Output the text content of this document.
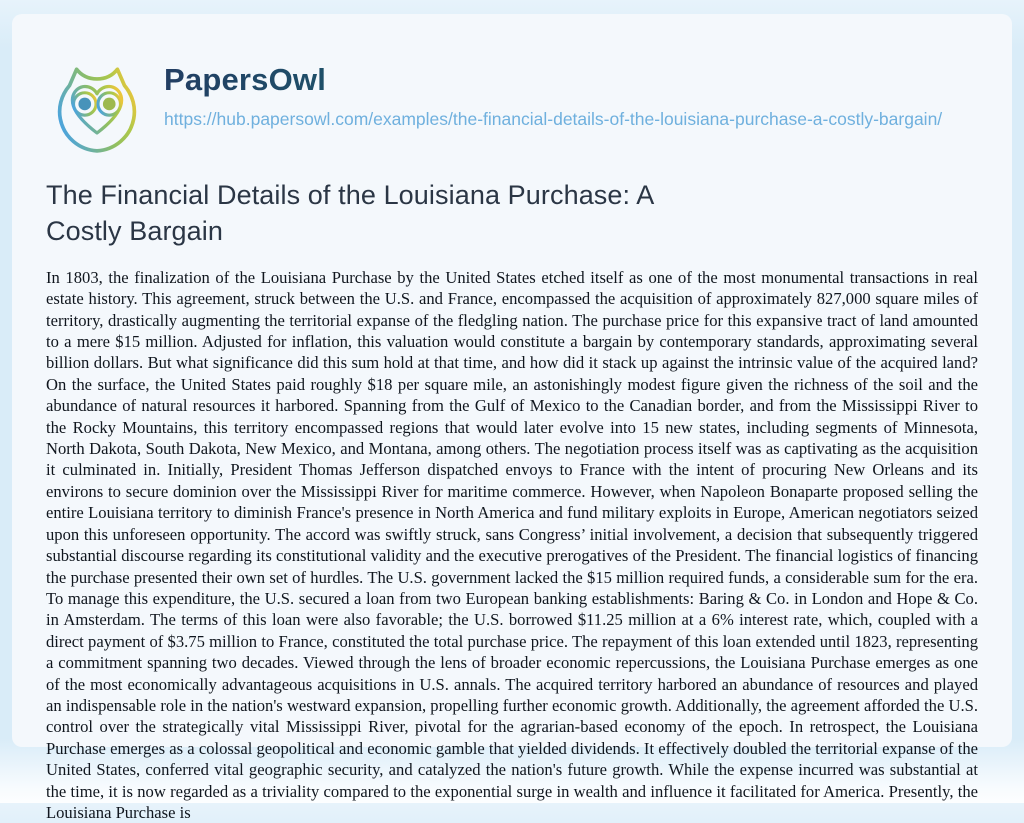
PapersOwl
https://hub.papersowl.com/examples/the-financial-details-of-the-louisiana-purchase-a-costly-bargain/
The Financial Details of the Louisiana Purchase: A Costly Bargain

In 1803, the finalization of the Louisiana Purchase by the United States etched itself as one of the most monumental transactions in real estate history. This agreement, struck between the U.S. and France, encompassed the acquisition of approximately 827,000 square miles of territory, drastically augmenting the territorial expanse of the fledgling nation. The purchase price for this expansive tract of land amounted to a mere $15 million. Adjusted for inflation, this valuation would constitute a bargain by contemporary standards, approximating several billion dollars. But what significance did this sum hold at that time, and how did it stack up against the intrinsic value of the acquired land? On the surface, the United States paid roughly $18 per square mile, an astonishingly modest figure given the richness of the soil and the abundance of natural resources it harbored. Spanning from the Gulf of Mexico to the Canadian border, and from the Mississippi River to the Rocky Mountains, this territory encompassed regions that would later evolve into 15 new states, including segments of Minnesota, North Dakota, South Dakota, New Mexico, and Montana, among others. The negotiation process itself was as captivating as the acquisition it culminated in. Initially, President Thomas Jefferson dispatched envoys to France with the intent of procuring New Orleans and its environs to secure dominion over the Mississippi River for maritime commerce. However, when Napoleon Bonaparte proposed selling the entire Louisiana territory to diminish France's presence in North America and fund military exploits in Europe, American negotiators seized upon this unforeseen opportunity. The accord was swiftly struck, sans Congress’ initial involvement, a decision that subsequently triggered substantial discourse regarding its constitutional validity and the executive prerogatives of the President. The financial logistics of financing the purchase presented their own set of hurdles. The U.S. government lacked the $15 million required funds, a considerable sum for the era. To manage this expenditure, the U.S. secured a loan from two European banking establishments: Baring & Co. in London and Hope & Co. in Amsterdam. The terms of this loan were also favorable; the U.S. borrowed $11.25 million at a 6% interest rate, which, coupled with a direct payment of $3.75 million to France, constituted the total purchase price. The repayment of this loan extended until 1823, representing a commitment spanning two decades. Viewed through the lens of broader economic repercussions, the Louisiana Purchase emerges as one of the most economically advantageous acquisitions in U.S. annals. The acquired territory harbored an abundance of resources and played an indispensable role in the nation's westward expansion, propelling further economic growth. Additionally, the agreement afforded the U.S. control over the strategically vital Mississippi River, pivotal for the agrarian-based economy of the epoch. In retrospect, the Louisiana Purchase emerges as a colossal geopolitical and economic gamble that yielded dividends. It effectively doubled the territorial expanse of the United States, conferred vital geographic security, and catalyzed the nation's future growth. While the expense incurred was substantial at the time, it is now regarded as a triviality compared to the exponential surge in wealth and influence it facilitated for America. Presently, the Louisiana Purchase is
